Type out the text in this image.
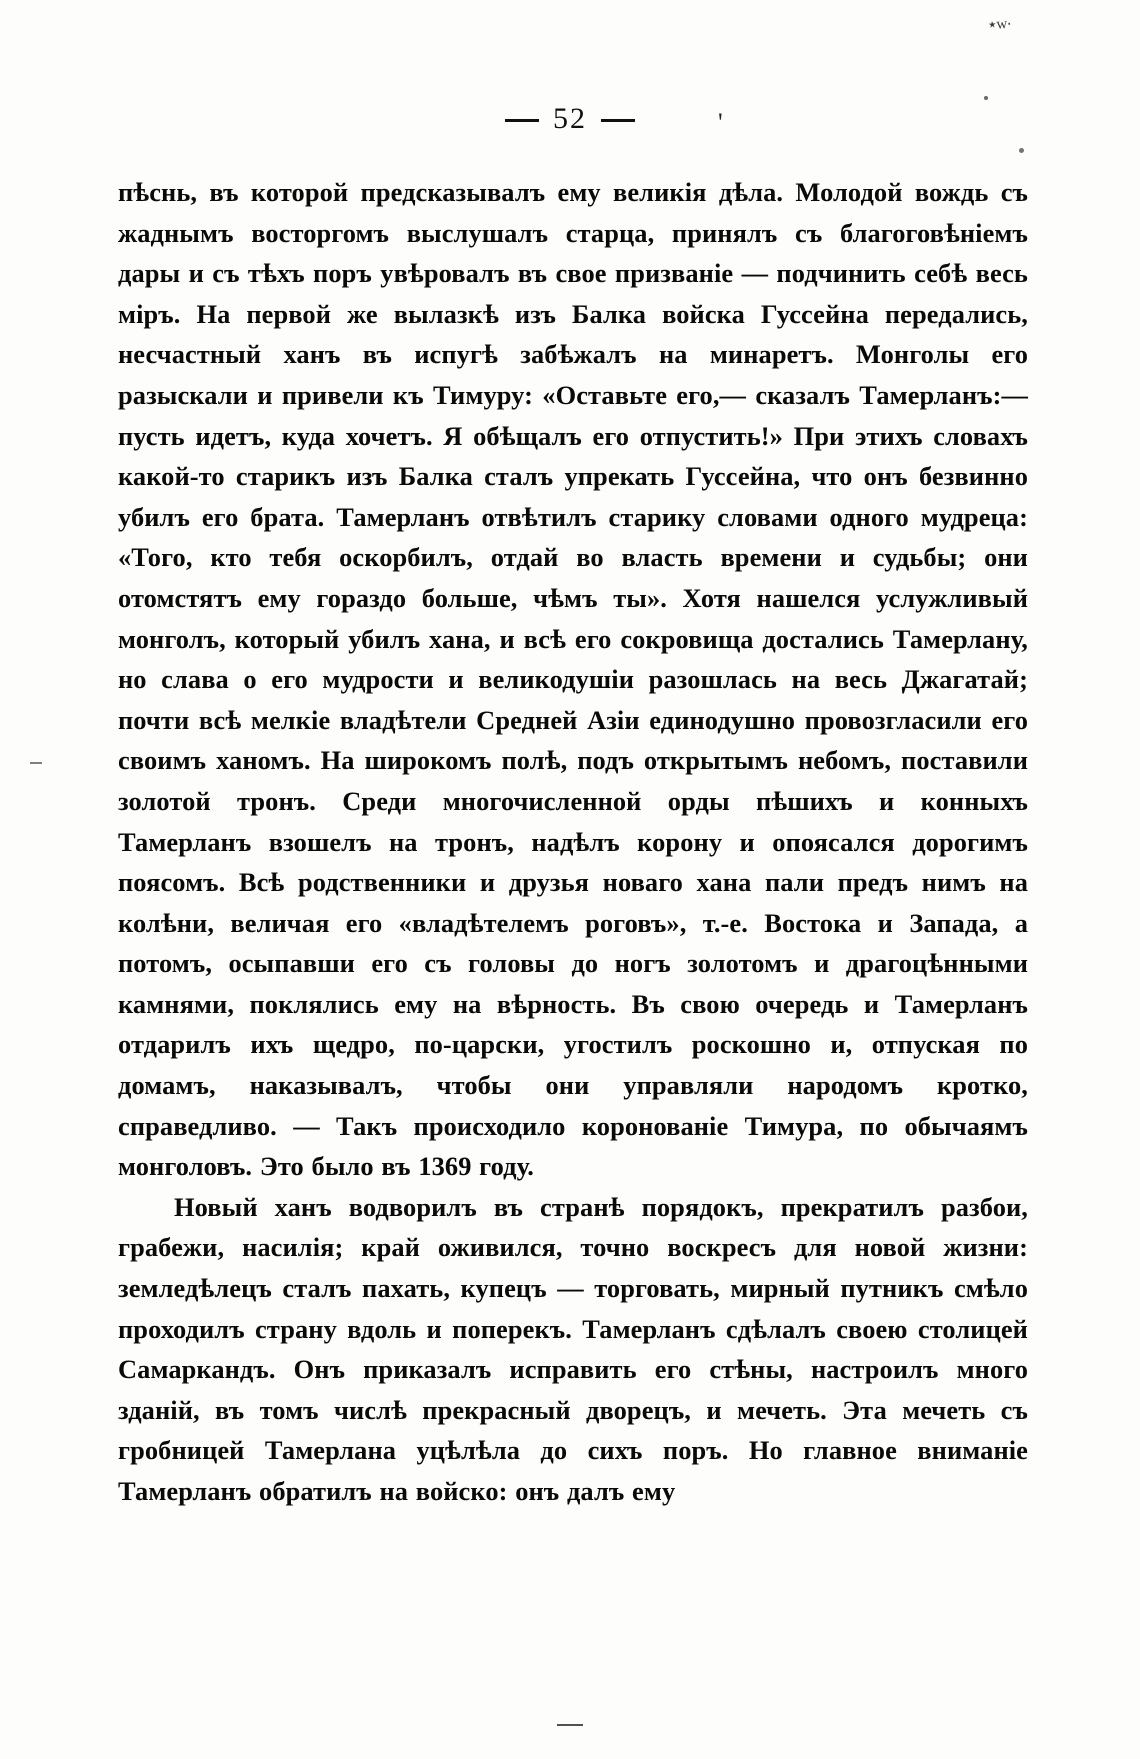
٭ᴡ٠
52	'

пѣснь, въ которой предсказывалъ ему великія дѣла. Молодой вождь съ жаднымъ восторгомъ выслушалъ старца, принялъ съ благоговѣніемъ дары и съ тѣхъ поръ увѣровалъ въ свое призваніе — подчинить себѣ весь міръ. На первой же вылазкѣ изъ Балка войска Гуссейна передались, несчастный ханъ въ испугѣ забѣжалъ на минаретъ. Монголы его разыскали и привели къ Тимуру: «Оставьте его,— сказалъ Тамерланъ:—пусть идетъ, куда хочетъ. Я обѣщалъ его отпустить!» При этихъ словахъ какой-то старикъ изъ Балка сталъ упрекать Гуссейна, что онъ безвинно убилъ его брата. Тамерланъ отвѣтилъ старику словами одного мудреца: «Того, кто тебя оскорбилъ, отдай во власть времени и судьбы; они отомстятъ ему гораздо больше, чѣмъ ты». Хотя нашелся услужливый монголъ, который убилъ хана, и всѣ его сокровища достались Тамерлану, но слава о его мудрости и великодушіи разошлась на весь Джагатай; почти всѣ мелкіе владѣтели Средней Азіи единодушно провозгласили его своимъ ханомъ. На широкомъ полѣ, подъ открытымъ небомъ, поставили золотой тронъ. Среди многочисленной орды пѣшихъ и конныхъ Тамерланъ взошелъ на тронъ, надѣлъ корону и опоясался дорогимъ поясомъ. Всѣ родственники и друзья новаго хана пали предъ нимъ на колѣни, величая его «владѣтелемъ роговъ», т.-е. Востока и Запада, а потомъ, осыпавши его съ головы до ногъ золотомъ и драгоцѣнными камнями, поклялись ему на вѣрность. Въ свою очередь и Тамерланъ отдарилъ ихъ щедро, по-царски, угостилъ роскошно и, отпуская по домамъ, наказывалъ, чтобы они управляли народомъ кротко, справедливо. — Такъ происходило коронованіе Тимура, по обычаямъ монголовъ. Это было въ 1369 году.

Новый ханъ водворилъ въ странѣ порядокъ, прекратилъ разбои, грабежи, насилія; край оживился, точно воскресъ для новой жизни: земледѣлецъ сталъ пахать, купецъ — торговать, мирный путникъ смѣло проходилъ страну вдоль и поперекъ. Тамерланъ сдѣлалъ своею столицей Самаркандъ. Онъ приказалъ исправить его стѣны, настроилъ много зданій, въ томъ числѣ прекрасный дворецъ, и мечеть. Эта мечеть съ гробницей Тамерлана уцѣлѣла до сихъ поръ. Но главное вниманіе Тамерланъ обратилъ на войско: онъ далъ ему
